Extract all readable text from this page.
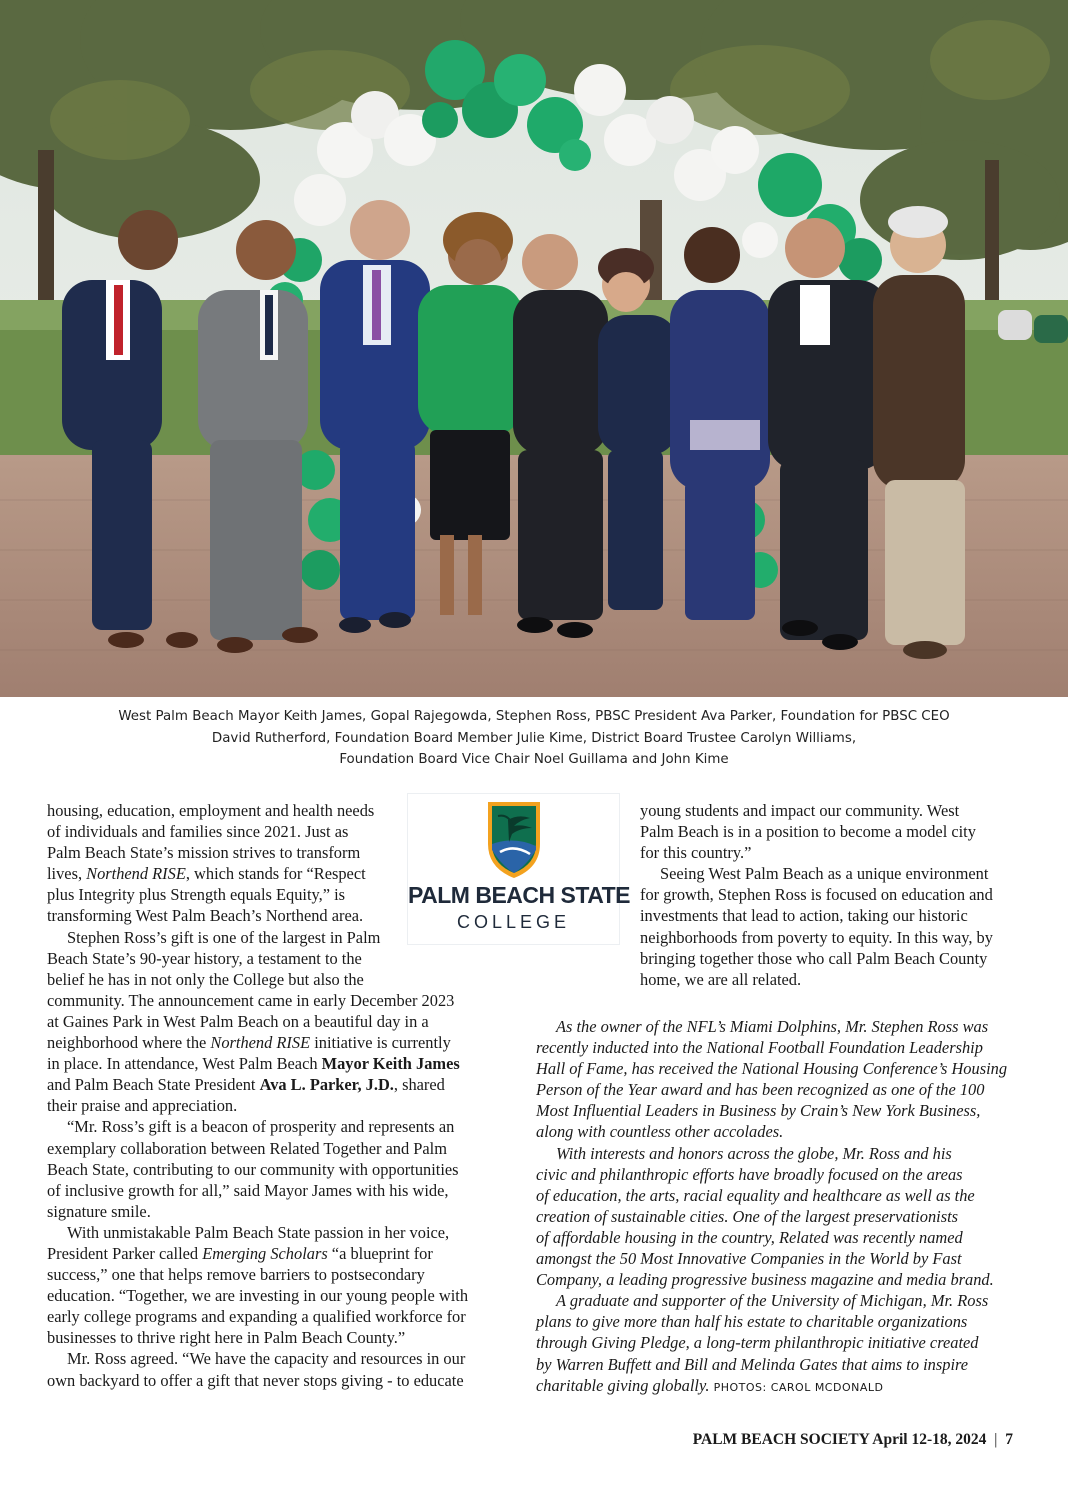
West Palm Beach Mayor Keith James, Gopal Rajegowda, Stephen Ross, PBSC President Ava Parker, Foundation for PBSC CEO
David Rutherford, Foundation Board Member Julie Kime, District Board Trustee Carolyn Williams,
Foundation Board Vice Chair Noel Guillama and John Kime
housing, education, employment and health needs
of individuals and families since 2021. Just as
Palm Beach State’s mission strives to transform
lives, Northend RISE, which stands for “Respect
plus Integrity plus Strength equals Equity,” is
transforming West Palm Beach’s Northend area.
Stephen Ross’s gift is one of the largest in Palm
Beach State’s 90-year history, a testament to the
belief he has in not only the College but also the
community. The announcement came in early December 2023
at Gaines Park in West Palm Beach on a beautiful day in a
neighborhood where the Northend RISE initiative is currently
in place. In attendance, West Palm Beach Mayor Keith James
and Palm Beach State President Ava L. Parker, J.D., shared
their praise and appreciation.
“Mr. Ross’s gift is a beacon of prosperity and represents an
exemplary collaboration between Related Together and Palm
Beach State, contributing to our community with opportunities
of inclusive growth for all,” said Mayor James with his wide,
signature smile.
With unmistakable Palm Beach State passion in her voice,
President Parker called Emerging Scholars “a blueprint for
success,” one that helps remove barriers to postsecondary
education. “Together, we are investing in our young people with
early college programs and expanding a qualified workforce for
businesses to thrive right here in Palm Beach County.”
Mr. Ross agreed. “We have the capacity and resources in our
own backyard to offer a gift that never stops giving - to educate
PALM BEACH STATE
COLLEGE
young students and impact our community. West
Palm Beach is in a position to become a model city
for this country.”
Seeing West Palm Beach as a unique environment
for growth, Stephen Ross is focused on education and
investments that lead to action, taking our historic
neighborhoods from poverty to equity. In this way, by
bringing together those who call Palm Beach County
home, we are all related.
As the owner of the NFL’s Miami Dolphins, Mr. Stephen Ross was
recently inducted into the National Football Foundation Leadership
Hall of Fame, has received the National Housing Conference’s Housing
Person of the Year award and has been recognized as one of the 100
Most Influential Leaders in Business by Crain’s New York Business,
along with countless other accolades.
With interests and honors across the globe, Mr. Ross and his
civic and philanthropic efforts have broadly focused on the areas
of education, the arts, racial equality and healthcare as well as the
creation of sustainable cities. One of the largest preservationists
of affordable housing in the country, Related was recently named
amongst the 50 Most Innovative Companies in the World by Fast
Company, a leading progressive business magazine and media brand.
A graduate and supporter of the University of Michigan, Mr. Ross
plans to give more than half his estate to charitable organizations
through Giving Pledge, a long-term philanthropic initiative created
by Warren Buffett and Bill and Melinda Gates that aims to inspire
charitable giving globally. PHOTOS: CAROL MCDONALD
PALM BEACH SOCIETY April 12-18, 2024 | 7
